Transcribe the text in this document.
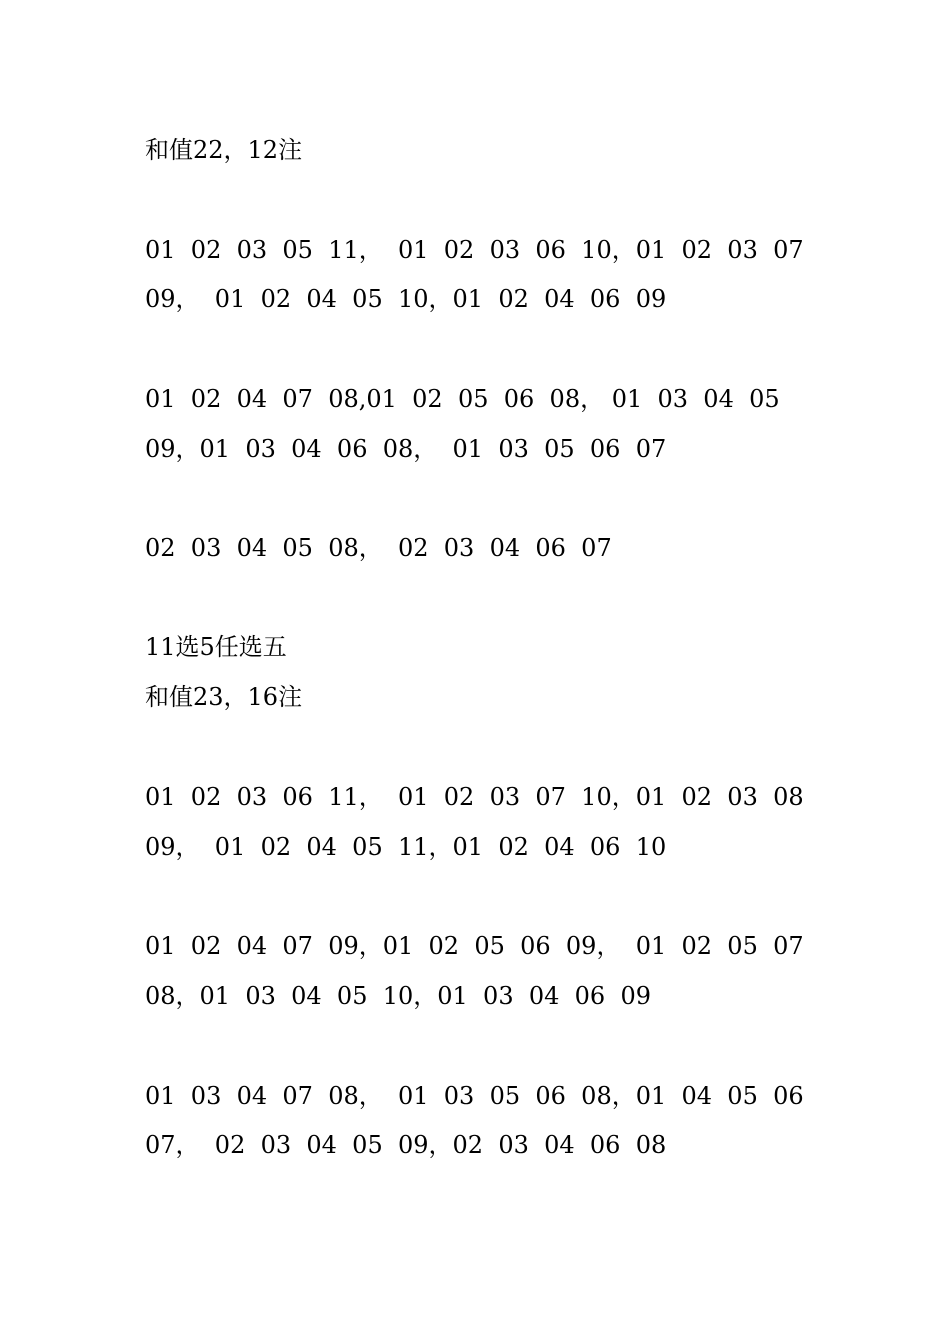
和值22，12注
01  02  03  05  11，  01  02  03  06  10，01  02  03  07
09，  01  02  04  05  10，01  02  04  06  09
01  02  04  07  08,01  02  05  06  08， 01  03  04  05
09，01  03  04  06  08，  01  03  05  06  07
02  03  04  05  08，  02  03  04  06  07
11选5任选五
和值23，16注
01  02  03  06  11，  01  02  03  07  10，01  02  03  08
09，  01  02  04  05  11，01  02  04  06  10
01  02  04  07  09，01  02  05  06  09，  01  02  05  07
08，01  03  04  05  10，01  03  04  06  09
01  03  04  07  08，  01  03  05  06  08，01  04  05  06
07，  02  03  04  05  09，02  03  04  06  08
